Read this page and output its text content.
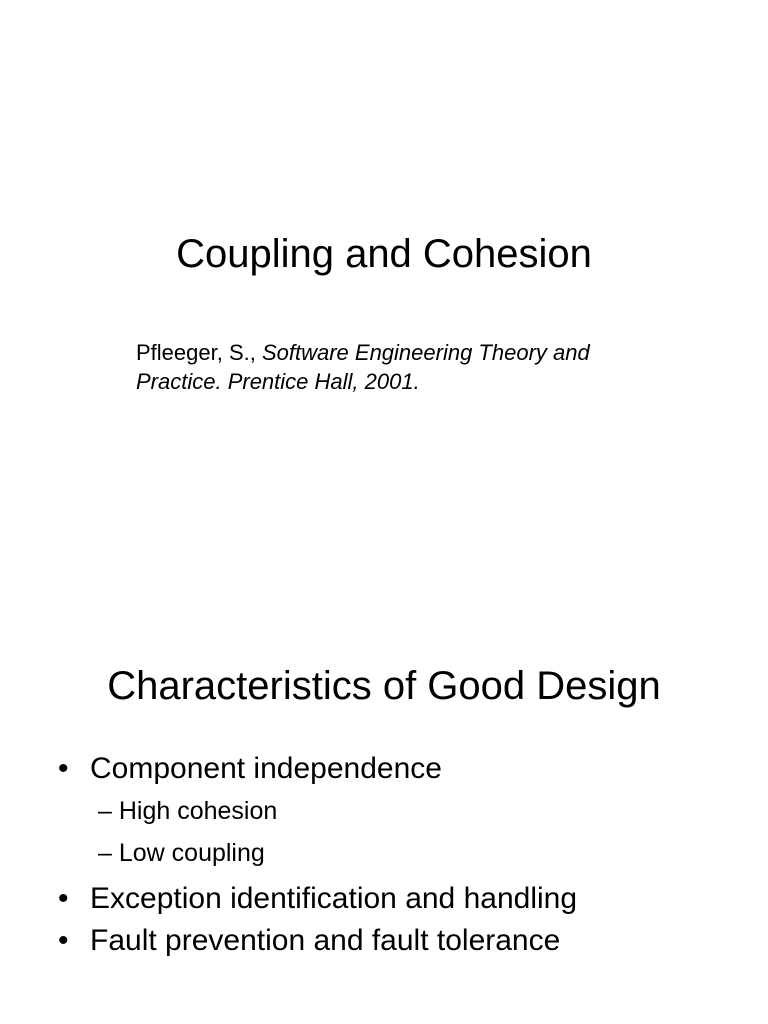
Coupling and Cohesion

Pfleeger, S., Software Engineering Theory and Practice. Prentice Hall, 2001.

Characteristics of Good Design
• Component independence
– High cohesion
– Low coupling
• Exception identification and handling
• Fault prevention and fault tolerance
